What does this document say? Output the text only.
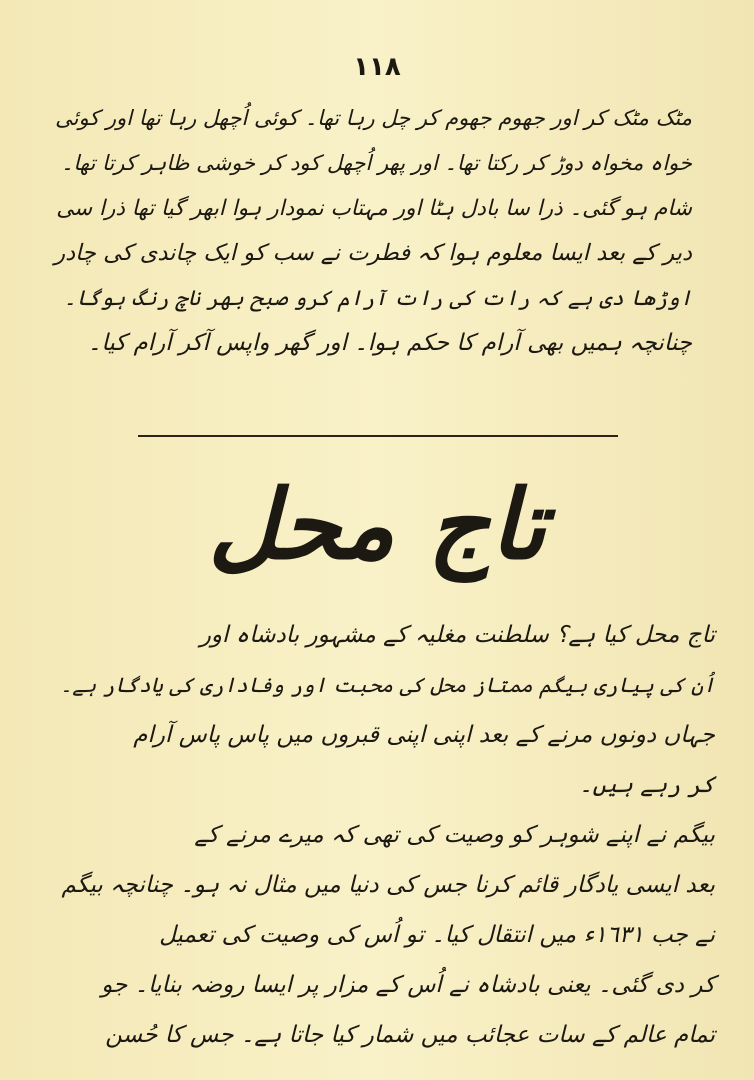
١١٨
مٹک مٹک کر اور جھوم جھوم کر چل رہا تھا۔ کوئی اُچھل رہا تھا اور کوئی
خواہ مخواہ دوڑ کر رکتا تھا۔ اور پھر اُچھل کود کر خوشی ظاہر کرتا تھا۔
شام ہو گئی۔ ذرا سا بادل ہٹا اور مہتاب نمودار ہوا ابھر گیا تھا ذرا سی
دیر کے بعد ایسا معلوم ہوا کہ فطرت نے سب کو ایک چاندی کی چادر
اوڑھا دی ہے کہ رات کی رات آرام کرو صبح بھر ناچ رنگ ہوگا۔
چنانچہ ہمیں بھی آرام کا حکم ہوا۔ اور گھر واپس آکر آرام کیا۔
تاج محل
تاج محل کیا ہے؟ سلطنت مغلیہ کے مشہور بادشاہ اور
اُن کی پیاری بیگم ممتاز محل کی محبت اور وفاداری کی یادگار ہے۔
جہاں دونوں مرنے کے بعد اپنی اپنی قبروں میں پاس پاس آرام
کر رہے ہیں۔
بیگم نے اپنے شوہر کو وصیت کی تھی کہ میرے مرنے کے
بعد ایسی یادگار قائم کرنا جس کی دنیا میں مثال نہ ہو۔ چنانچہ بیگم
نے جب ١٦٣١ء میں انتقال کیا۔ تو اُس کی وصیت کی تعمیل
کر دی گئی۔ یعنی بادشاہ نے اُس کے مزار پر ایسا روضہ بنایا۔ جو
تمام عالم کے سات عجائب میں شمار کیا جاتا ہے۔ جس کا حُسن
